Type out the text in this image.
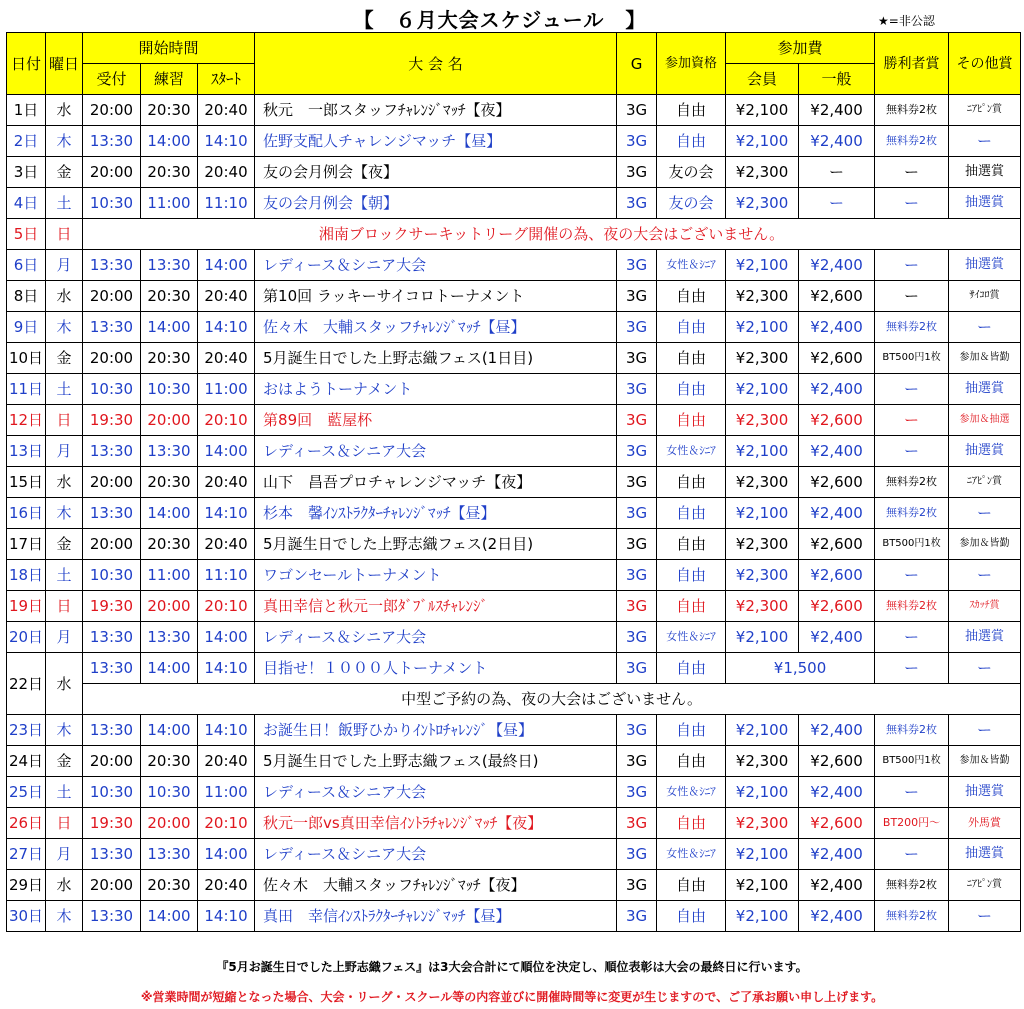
【　６月大会スケジュール　】	★=非公認
日付	曜日	開始時間			大 会 名	G	参加資格	参加費		勝利者賞	その他賞
		受付	練習	ｽﾀｰﾄ				会員	一般		
1日	水	20:00	20:30	20:40	秋元　一郎スタッフﾁｬﾚﾝｼﾞﾏｯﾁ【夜】	3G	自由	¥2,100	¥2,400	無料券2枚	ﾆｱﾋﾟﾝ賞
2日	木	13:30	14:00	14:10	佐野支配人チャレンジマッチ【昼】	3G	自由	¥2,100	¥2,400	無料券2枚	ー
3日	金	20:00	20:30	20:40	友の会月例会【夜】	3G	友の会	¥2,300	ー	ー	抽選賞
4日	土	10:30	11:00	11:10	友の会月例会【朝】	3G	友の会	¥2,300	ー	ー	抽選賞
5日	日	湘南ブロックサーキットリーグ開催の為、夜の大会はございません。									
6日	月	13:30	13:30	14:00	レディース＆シニア大会	3G	女性＆ｼﾆｱ	¥2,100	¥2,400	ー	抽選賞
8日	水	20:00	20:30	20:40	第10回 ラッキーサイコロトーナメント	3G	自由	¥2,300	¥2,600	ー	ｻｲｺﾛ賞
9日	木	13:30	14:00	14:10	佐々木　大輔スタッフﾁｬﾚﾝｼﾞﾏｯﾁ【昼】	3G	自由	¥2,100	¥2,400	無料券2枚	ー
10日	金	20:00	20:30	20:40	5月誕生日でした上野志織フェス(1日目)	3G	自由	¥2,300	¥2,600	BT500円1枚	参加＆皆勤
11日	土	10:30	10:30	11:00	おはようトーナメント	3G	自由	¥2,100	¥2,400	ー	抽選賞
12日	日	19:30	20:00	20:10	第89回　藍屋杯	3G	自由	¥2,300	¥2,600	ー	参加＆抽選
13日	月	13:30	13:30	14:00	レディース＆シニア大会	3G	女性＆ｼﾆｱ	¥2,100	¥2,400	ー	抽選賞
15日	水	20:00	20:30	20:40	山下　昌吾プロチャレンジマッチ【夜】	3G	自由	¥2,300	¥2,600	無料券2枚	ﾆｱﾋﾟﾝ賞
16日	木	13:30	14:00	14:10	杉本　馨ｲﾝｽﾄﾗｸﾀｰﾁｬﾚﾝｼﾞﾏｯﾁ【昼】	3G	自由	¥2,100	¥2,400	無料券2枚	ー
17日	金	20:00	20:30	20:40	5月誕生日でした上野志織フェス(2日目)	3G	自由	¥2,300	¥2,600	BT500円1枚	参加＆皆勤
18日	土	10:30	11:00	11:10	ワゴンセールトーナメント	3G	自由	¥2,300	¥2,600	ー	ー
19日	日	19:30	20:00	20:10	真田幸信と秋元一郎ﾀﾞﾌﾞﾙｽﾁｬﾚﾝｼﾞ	3G	自由	¥2,300	¥2,600	無料券2枚	ｽｶｯﾁ賞
20日	月	13:30	13:30	14:00	レディース＆シニア大会	3G	女性＆ｼﾆｱ	¥2,100	¥2,400	ー	抽選賞
22日	水	13:30	14:00	14:10	目指せ！１０００人トーナメント	3G	自由	¥1,500		ー	ー
		中型ご予約の為、夜の大会はございません。									
23日	木	13:30	14:00	14:10	お誕生日！飯野ひかりｲﾝﾄﾛﾁｬﾚﾝｼﾞ【昼】	3G	自由	¥2,100	¥2,400	無料券2枚	ー
24日	金	20:00	20:30	20:40	5月誕生日でした上野志織フェス(最終日)	3G	自由	¥2,300	¥2,600	BT500円1枚	参加＆皆勤
25日	土	10:30	10:30	11:00	レディース＆シニア大会	3G	女性＆ｼﾆｱ	¥2,100	¥2,400	ー	抽選賞
26日	日	19:30	20:00	20:10	秋元一郎vs真田幸信ｲﾝﾄﾗﾁｬﾚﾝｼﾞﾏｯﾁ【夜】	3G	自由	¥2,300	¥2,600	BT200円～	外馬賞
27日	月	13:30	13:30	14:00	レディース＆シニア大会	3G	女性＆ｼﾆｱ	¥2,100	¥2,400	ー	抽選賞
29日	水	20:00	20:30	20:40	佐々木　大輔スタッフﾁｬﾚﾝｼﾞﾏｯﾁ【夜】	3G	自由	¥2,100	¥2,400	無料券2枚	ﾆｱﾋﾟﾝ賞
30日	木	13:30	14:00	14:10	真田　幸信ｲﾝｽﾄﾗｸﾀｰﾁｬﾚﾝｼﾞﾏｯﾁ【昼】	3G	自由	¥2,100	¥2,400	無料券2枚	ー
『5月お誕生日でした上野志織フェス』は3大会合計にて順位を決定し、順位表彰は大会の最終日に行います。
※営業時間が短縮となった場合、大会・リーグ・スクール等の内容並びに開催時間等に変更が生じますので、ご了承お願い申し上げます。
